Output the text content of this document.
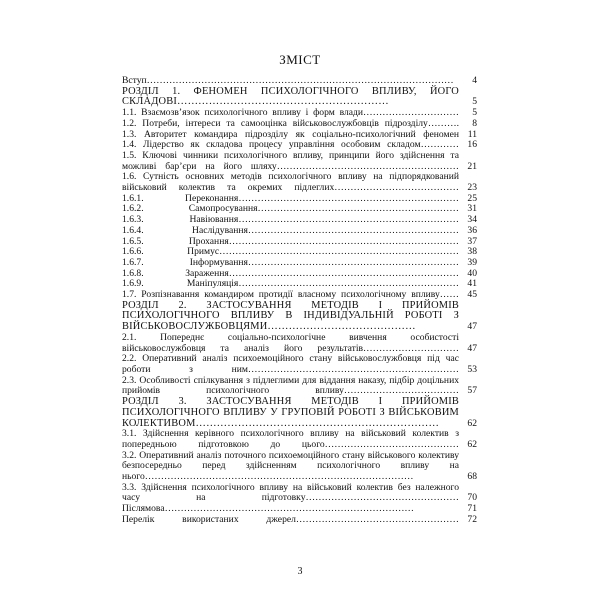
ЗМІСТ
Вступ……………………………………………………………………………………	4
РОЗДІЛ 1. ФЕНОМЕН ПСИХОЛОГІЧНОГО ВПЛИВУ, ЙОГО СКЛАДОВІ……………………………………………………	5
1.1. Взаємозв’язок психологічного впливу і форм влади…………………………	5
1.2. Потреби, інтереси та самооцінка військовослужбовців підрозділу……….	8
1.3. Авторитет командира підрозділу як соціально-психологічний феномен 11
1.4. Лідерство як складова процесу управління особовим складом………… 16
1.5. Ключові чинники психологічного впливу, принципи його здійснення та можливі бар’єри на його шляху………………………………………………… 21
1.6. Сутність основних методів психологічного впливу на підпорядкований військовий колектив та окремих підлеглих………………………………… 23
1.6.1. Переконання…………………………………………………………… 25
1.6.2. Самопросування……………………………………………………… 31
1.6.3. Навіювання…………………………………………………………… 34
1.6.4. Наслідування………………………………………………………… 36
1.6.5. Прохання……………………………………………………………… 37
1.6.6. Примус………………………………………………………………… 38
1.6.7. Інформування………………………………………………………… 39
1.6.8. Зараження……………………………………………………………… 40
1.6.9. Маніпуляція…………………………………………………………… 41
1.7. Розпізнавання командиром протидії власному психологічному впливу…… 45
РОЗДІЛ 2. ЗАСТОСУВАННЯ МЕТОДІВ І ПРИЙОМІВ ПСИХОЛОГІЧНОГО ВПЛИВУ В ІНДИВІДУАЛЬНІЙ РОБОТІ З ВІЙСЬКОВОСЛУЖБОВЦЯМИ……………………………………	47
2.1. Попереднє соціально-психологічне вивчення особистості військовослужбовця та аналіз його результатів………………………… 47
2.2. Оперативний аналіз психоемоційного стану військовослужбовця під час роботи з ним………………………………………………………… 53
2.3. Особливості спілкування з підлеглими для віддання наказу, підбір доцільних прийомів психологічного впливу……………………………… 57
РОЗДІЛ 3. ЗАСТОСУВАННЯ МЕТОДІВ І ПРИЙОМІВ ПСИХОЛОГІЧНОГО ВПЛИВУ У ГРУПОВІЙ РОБОТІ З ВІЙСЬКОВИМ КОЛЕКТИВОМ……………………………………………………………	62
3.1. Здійснення керівного психологічного впливу на військовий колектив з попередньою підготовкою до цього…………………………………… 62
3.2. Оперативний аналіз поточного психоемоційного стану військового колективу безпосередньо перед здійсненням психологічного впливу на нього…………………………………………………………………………	68
3.3. Здійснення психологічного впливу на військовий колектив без належного часу на підготовку………………………………………… 70
Післямова……………………………………………………………………	71
Перелік використаних джерел…………………………………………… 72
3
